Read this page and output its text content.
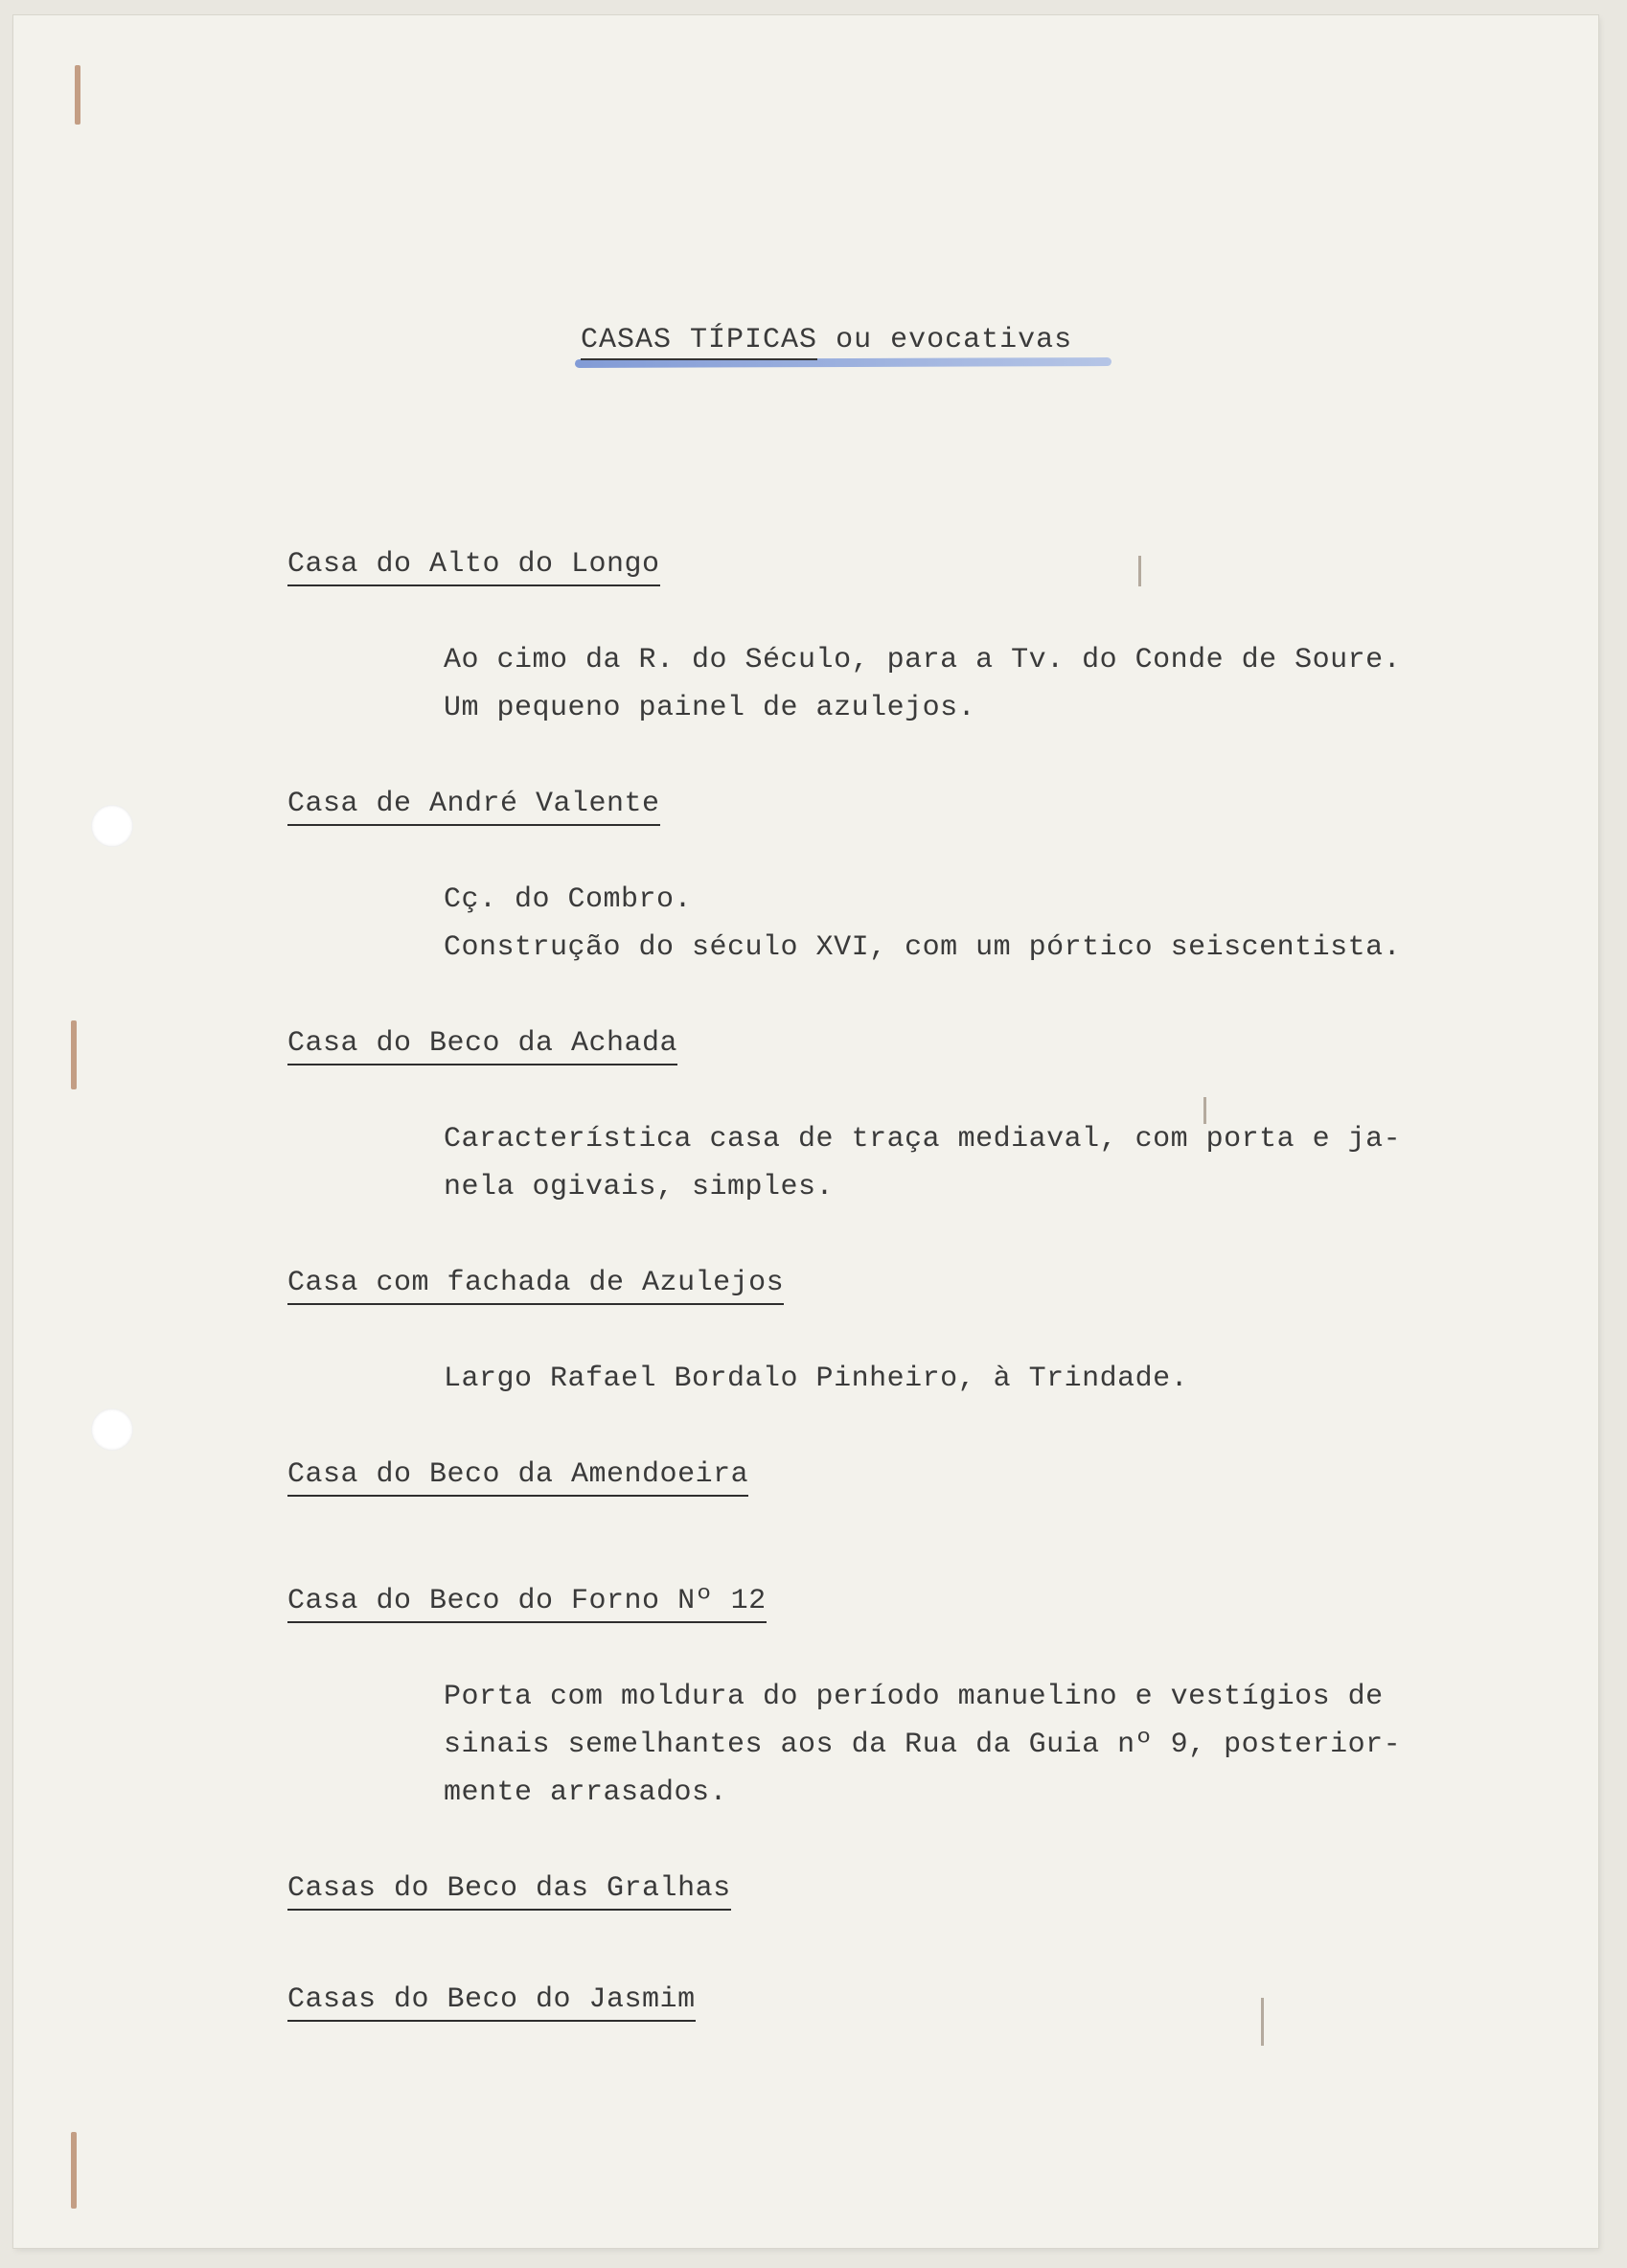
CASAS TÍPICAS ou evocativas
Casa do Alto do Longo
Ao cimo da R. do Século, para a Tv. do Conde de Soure.
Um pequeno painel de azulejos.
Casa de André Valente
Cç. do Combro.
Construção do século XVI, com um pórtico seiscentista.
Casa do Beco da Achada
Característica casa de traça mediaval, com porta e ja-
nela ogivais, simples.
Casa com fachada de Azulejos
Largo Rafael Bordalo Pinheiro, à Trindade.
Casa do Beco da Amendoeira
Casa do Beco do Forno Nº 12
Porta com moldura do período manuelino e vestígios de
sinais semelhantes aos da Rua da Guia nº 9, posterior-
mente arrasados.
Casas do Beco das Gralhas
Casas do Beco do Jasmim
